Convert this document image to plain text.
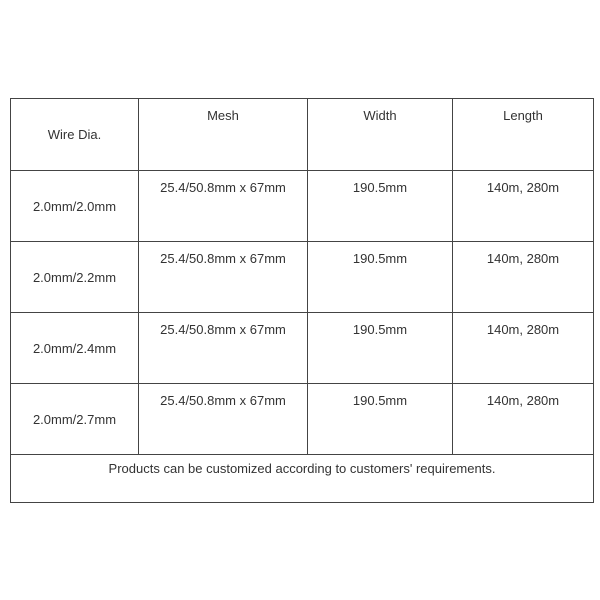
Wire Dia.	Mesh	Width	Length

2.0mm/2.0mm	25.4/50.8mm x 67mm	190.5mm	140m, 280m

2.0mm/2.2mm	25.4/50.8mm x 67mm	190.5mm	140m, 280m

2.0mm/2.4mm	25.4/50.8mm x 67mm	190.5mm	140m, 280m

2.0mm/2.7mm	25.4/50.8mm x 67mm	190.5mm	140m, 280m

Products can be customized according to customers' requirements.			
